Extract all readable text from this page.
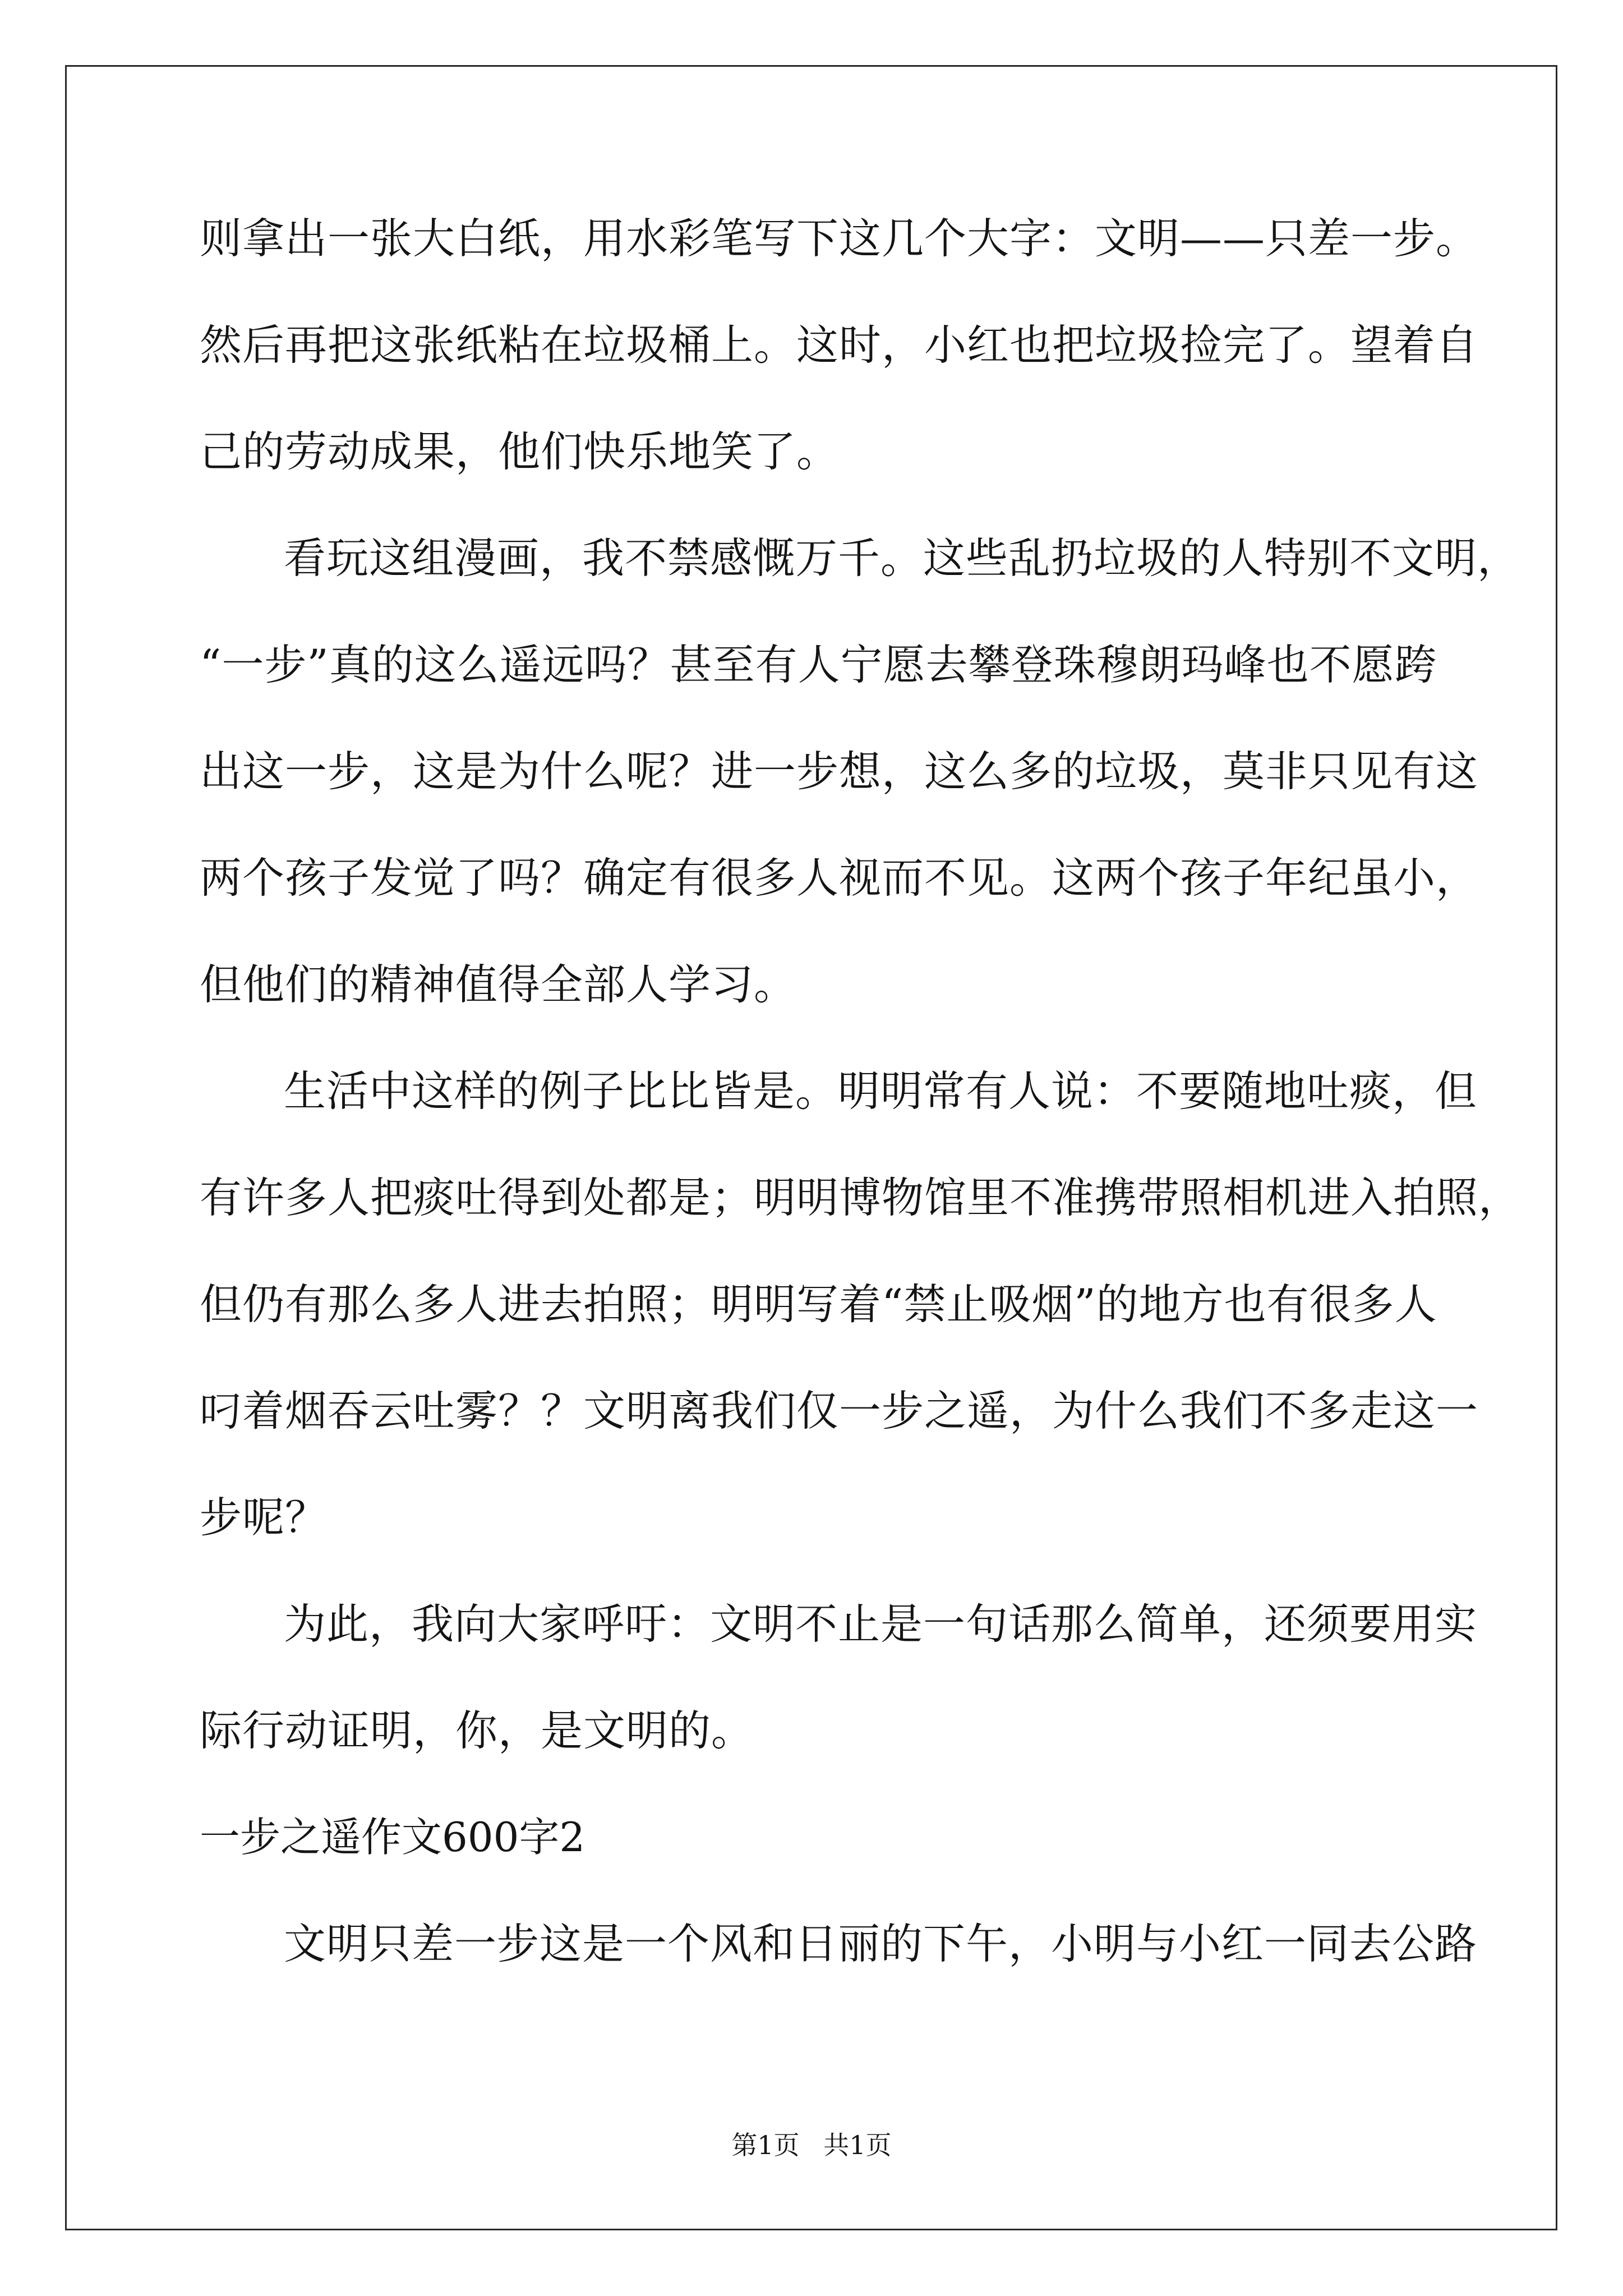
则拿出一张大白纸，用水彩笔写下这几个大字：文明——只差一步。
然后再把这张纸粘在垃圾桶上。这时，小红也把垃圾捡完了。望着自
己的劳动成果，他们快乐地笑了。
看玩这组漫画，我不禁感慨万千。这些乱扔垃圾的人特别不文明，
“一步”真的这么遥远吗？甚至有人宁愿去攀登珠穆朗玛峰也不愿跨
出这一步，这是为什么呢？进一步想，这么多的垃圾，莫非只见有这
两个孩子发觉了吗？确定有很多人视而不见。这两个孩子年纪虽小，
但他们的精神值得全部人学习。
生活中这样的例子比比皆是。明明常有人说：不要随地吐痰，但
有许多人把痰吐得到处都是；明明博物馆里不准携带照相机进入拍照，
但仍有那么多人进去拍照；明明写着“禁止吸烟”的地方也有很多人
叼着烟吞云吐雾？？文明离我们仅一步之遥，为什么我们不多走这一
步呢？
为此，我向大家呼吁：文明不止是一句话那么简单，还须要用实
际行动证明，你，是文明的。
一步之遥作文600字2
文明只差一步这是一个风和日丽的下午，小明与小红一同去公路
第1页 共1页
